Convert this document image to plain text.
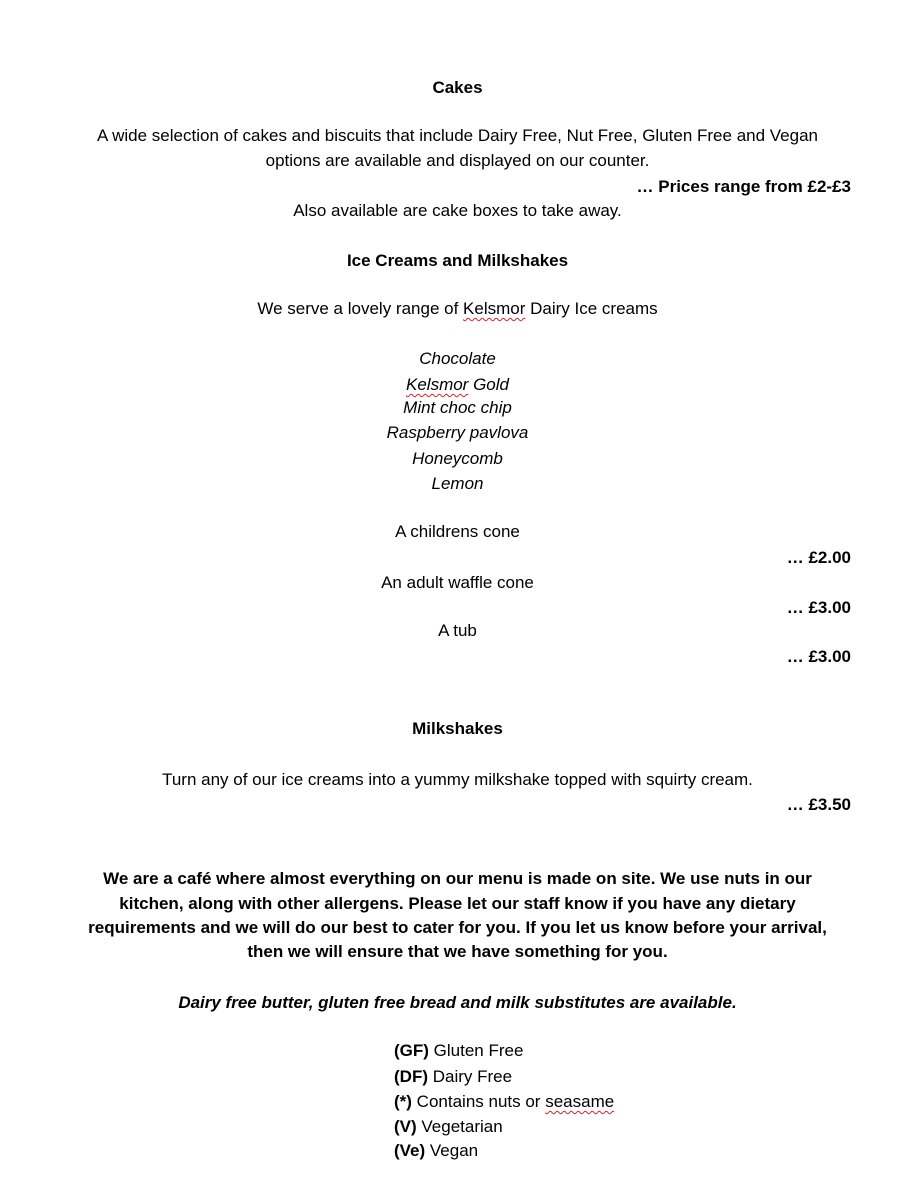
Cakes
A wide selection of cakes and biscuits that include Dairy Free, Nut Free, Gluten Free and Vegan
options are available and displayed on our counter.
… Prices range from £2-£3
Also available are cake boxes to take away.
Ice Creams and Milkshakes
We serve a lovely range of Kelsmor Dairy Ice creams
Chocolate
Kelsmor Gold
Mint choc chip
Raspberry pavlova
Honeycomb
Lemon
A childrens cone
… £2.00
An adult waffle cone
… £3.00
A tub
… £3.00
Milkshakes
Turn any of our ice creams into a yummy milkshake topped with squirty cream.
… £3.50
We are a café where almost everything on our menu is made on site. We use nuts in our
kitchen, along with other allergens. Please let our staff know if you have any dietary
requirements and we will do our best to cater for you. If you let us know before your arrival,
then we will ensure that we have something for you.
Dairy free butter, gluten free bread and milk substitutes are available.
(GF) Gluten Free
(DF) Dairy Free
(*) Contains nuts or seasame
(V) Vegetarian
(Ve) Vegan
